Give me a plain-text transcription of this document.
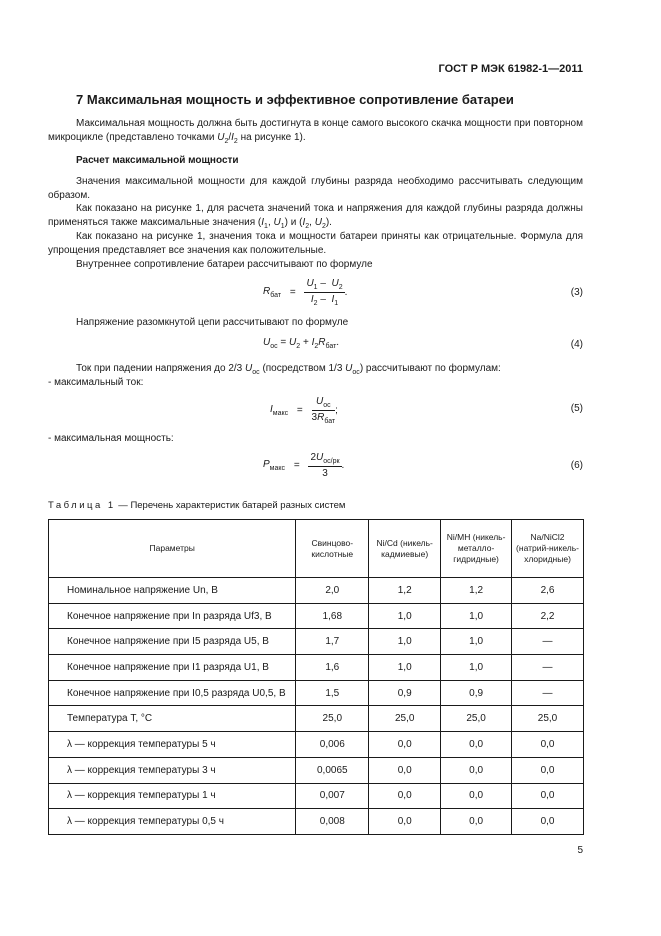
ГОСТ Р МЭК 61982-1—2011
7 Максимальная мощность и эффективное сопротивление батареи
Максимальная мощность должна быть достигнута в конце самого высокого скачка мощности при повторном микроцикле (представлено точками $U_2/I_2$ на рисунке 1).
Расчет максимальной мощности
Значения максимальной мощности для каждой глубины разряда необходимо рассчитывать следующим образом.
Как показано на рисунке 1, для расчета значений тока и напряжения для каждой глубины разряда должны применяться также максимальные значения ($I_1$, $U_1$) и ($I_2$, $U_2$).
Как показано на рисунке 1, значения тока и мощности батареи приняты как отрицательные. Формула для упрощения представляет все значения как положительные.
Внутреннее сопротивление батареи рассчитывают по формуле
$R_{бат} = \frac{U_1 - U_2}{I_2 - I_1}$ .	(3)
Напряжение разомкнутой цепи рассчитывают по формуле
$U_{oc} = U_2 + I_2R_{бат}$.	(4)
Ток при падении напряжения до 2/3 $U_{oc}$ (посредством 1/3 $U_{oc}$) рассчитывают по формулам:
- максимальный ток:
$I_{макс} = \frac{U_{oc}}{3R_{бат}}$ ;	(5)
- максимальная мощность:
$P_{макс} = \frac{2U_{oc/рк}}{3}$ .	(6)
Таблица 1 — Перечень характеристик батарей разных систем
Параметры	Свинцово-кислотные	Ni/Cd (никель-кадмиевые)	Ni/MH (никель-металло-гидридные)	Na/NiCl2 (натрий-никель-хлоридные)
Номинальное напряжение Un, В	2,0	1,2	1,2	2,6
Конечное напряжение при In разряда Uf3, В	1,68	1,0	1,0	2,2
Конечное напряжение при I5 разряда U5, В	1,7	1,0	1,0	—
Конечное напряжение при I1 разряда U1, В	1,6	1,0	1,0	—
Конечное напряжение при I0,5 разряда U0,5, В	1,5	0,9	0,9	—
Температура T, °C	25,0	25,0	25,0	25,0
λ — коррекция температуры 5 ч	0,006	0,0	0,0	0,0
λ — коррекция температуры 3 ч	0,0065	0,0	0,0	0,0
λ — коррекция температуры 1 ч	0,007	0,0	0,0	0,0
λ — коррекция температуры 0,5 ч	0,008	0,0	0,0	0,0
5
